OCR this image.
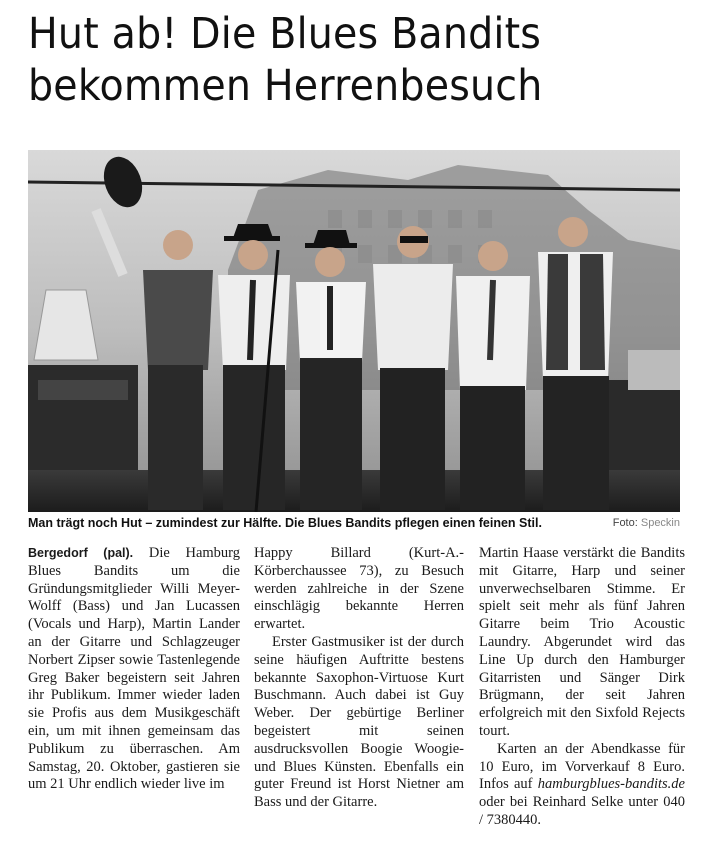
Hut ab! Die Blues Bandits
bekommen Herrenbesuch
Man trägt noch Hut – zumindest zur Hälfte. Die Blues Bandits pflegen einen feinen Stil.	Foto: Speckin

Bergedorf (pal). Die Hamburg Blues Bandits um die Gründungsmitglieder Willi Meyer-Wolff (Bass) und Jan Lucassen (Vocals und Harp), Martin Lander an der Gitarre und Schlagzeuger Norbert Zipser sowie Tastenlegende Greg Baker begeistern seit Jahren ihr Publikum. Immer wieder laden sie Profis aus dem Musikgeschäft ein, um mit ihnen gemeinsam das Publikum zu überraschen. Am Samstag, 20. Oktober, gastieren sie um 21 Uhr endlich wieder live im

Happy Billard (Kurt-A.-Körberchaussee 73), zu Besuch werden zahlreiche in der Szene einschlägig bekannte Herren erwartet.

Erster Gastmusiker ist der durch seine häufigen Auftritte bestens bekannte Saxophon-Virtuose Kurt Buschmann. Auch dabei ist Guy Weber. Der gebürtige Berliner begeistert mit seinen ausdrucksvollen Boogie Woogie- und Blues Künsten. Ebenfalls ein guter Freund ist Horst Nietner am Bass und der Gitarre.

Martin Haase verstärkt die Bandits mit Gitarre, Harp und seiner unverwechselbaren Stimme. Er spielt seit mehr als fünf Jahren Gitarre beim Trio Acoustic Laundry. Abgerundet wird das Line Up durch den Hamburger Gitarristen und Sänger Dirk Brügmann, der seit Jahren erfolgreich mit den Sixfold Rejects tourt.

Karten an der Abendkasse für 10 Euro, im Vorverkauf 8 Euro. Infos auf hamburgblues-bandits.de oder bei Reinhard Selke unter 040 / 7380440.
